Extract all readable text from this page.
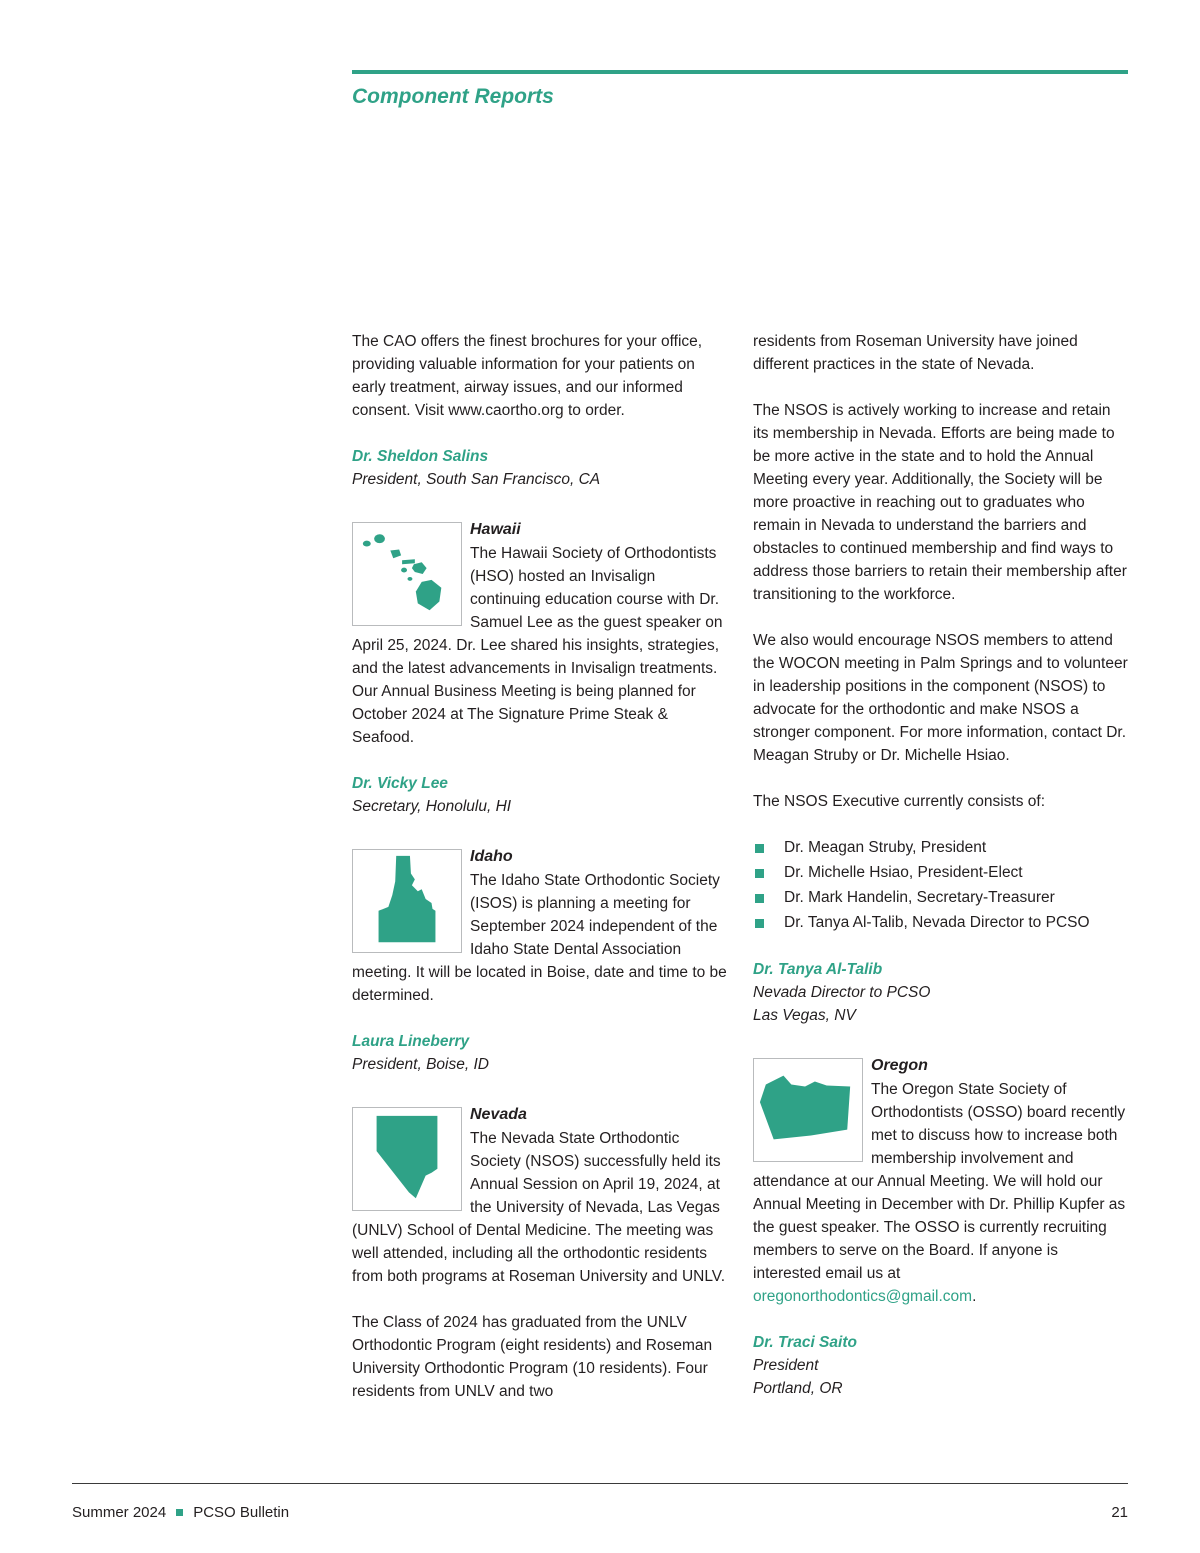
Component Reports

The CAO offers the finest brochures for your office, providing valuable information for your patients on early treatment, airway issues, and our informed consent. Visit www.caortho.org to order.

Dr. Sheldon Salins
President, South San Francisco, CA
Hawaii

The Hawaii Society of Orthodontists (HSO) hosted an Invisalign continuing education course with Dr. Samuel Lee as the guest speaker on April 25, 2024. Dr. Lee shared his insights, strategies, and the latest advancements in Invisalign treatments. Our Annual Business Meeting is being planned for October 2024 at The Signature Prime Steak & Seafood.

Dr. Vicky Lee
Secretary, Honolulu, HI
Idaho

The Idaho State Orthodontic Society (ISOS) is planning a meeting for September 2024 independent of the Idaho State Dental Association meeting. It will be located in Boise, date and time to be determined.

Laura Lineberry
President, Boise, ID
Nevada

The Nevada State Orthodontic Society (NSOS) successfully held its Annual Session on April 19, 2024, at the University of Nevada, Las Vegas (UNLV) School of Dental Medicine. The meeting was well attended, including all the orthodontic residents from both programs at Roseman University and UNLV.

The Class of 2024 has graduated from the UNLV Orthodontic Program (eight residents) and Roseman University Orthodontic Program (10 residents). Four residents from UNLV and two

residents from Roseman University have joined different practices in the state of Nevada.

The NSOS is actively working to increase and retain its membership in Nevada. Efforts are being made to be more active in the state and to hold the Annual Meeting every year. Additionally, the Society will be more proactive in reaching out to graduates who remain in Nevada to understand the barriers and obstacles to continued membership and find ways to address those barriers to retain their membership after transitioning to the workforce.

We also would encourage NSOS members to attend the WOCON meeting in Palm Springs and to volunteer in leadership positions in the component (NSOS) to advocate for the orthodontic and make NSOS a stronger component. For more information, contact Dr. Meagan Struby or Dr. Michelle Hsiao.

The NSOS Executive currently consists of:

Dr. Meagan Struby, President
Dr. Michelle Hsiao, President-Elect
Dr. Mark Handelin, Secretary-Treasurer
Dr. Tanya Al-Talib, Nevada Director to PCSO
Dr. Tanya Al-Talib
Nevada Director to PCSO
Las Vegas, NV
Oregon

The Oregon State Society of Orthodontists (OSSO) board recently met to discuss how to increase both membership involvement and attendance at our Annual Meeting. We will hold our Annual Meeting in December with Dr. Phillip Kupfer as the guest speaker. The OSSO is currently recruiting members to serve on the Board. If anyone is interested email us at oregonorthodontics@gmail.com.

Dr. Traci Saito
President
Portland, OR
Summer 2024 PCSO Bulletin	21
